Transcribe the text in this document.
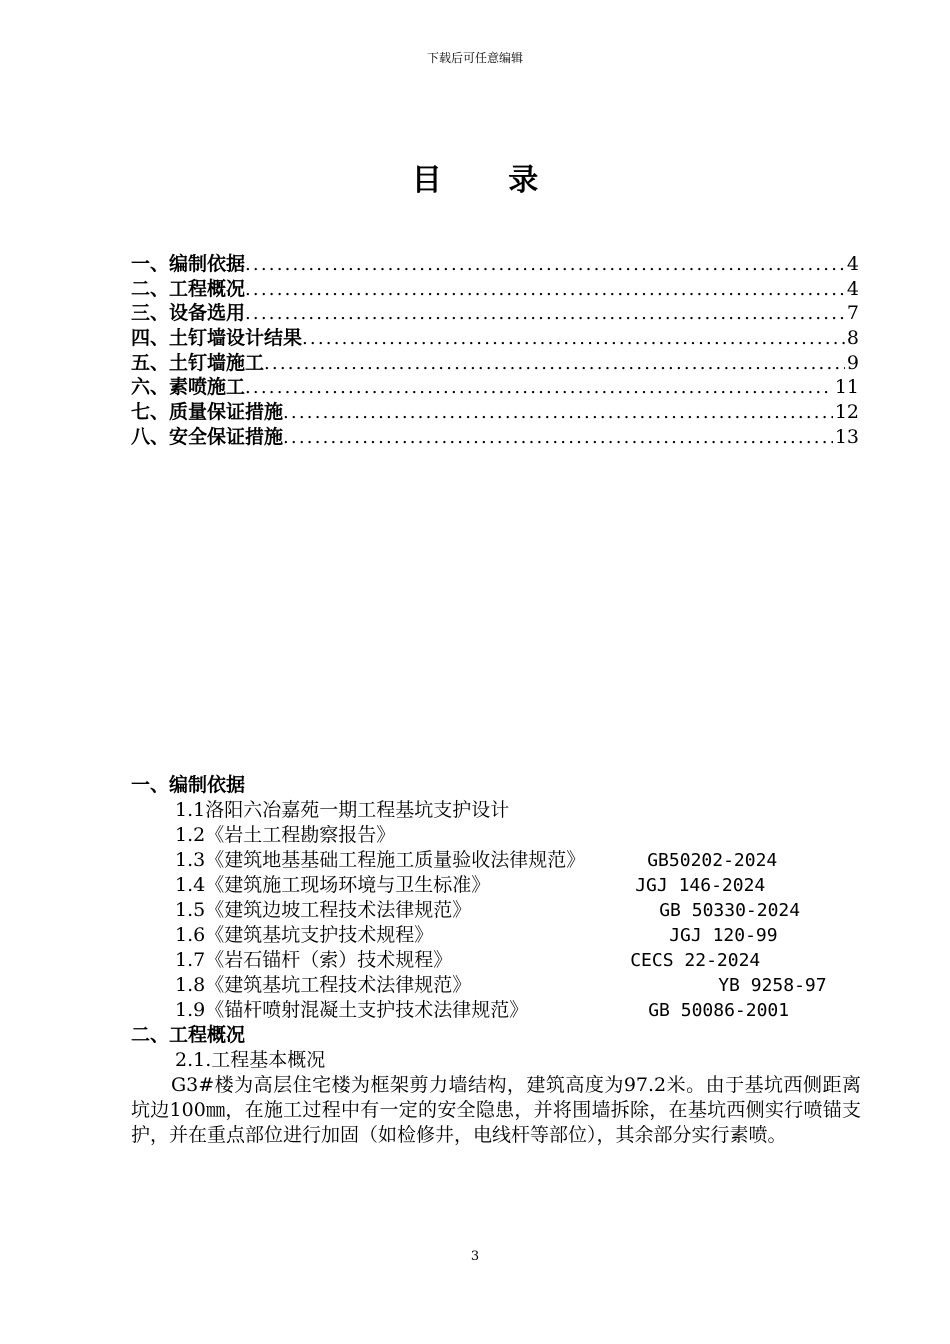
下载后可任意编辑
目 录
一、编制依据 .....	4
二、工程概况 .....	4
三、设备选用 .....	7
四、土钉墙设计结果 .....	8
五、土钉墙施工 .....	9
六、素喷施工 .....	11
七、质量保证措施 .....	12
八、安全保证措施 .....	13
一、编制依据
1.1洛阳六冶嘉苑一期工程基坑支护设计
1.2《岩土工程勘察报告》
1.3《建筑地基基础工程施工质量验收法律规范》	GB50202-2024
1.4《建筑施工现场环境与卫生标准》	JGJ 146-2024
1.5《建筑边坡工程技术法律规范》	GB 50330-2024
1.6《建筑基坑支护技术规程》	JGJ 120-99
1.7《岩石锚杆（索）技术规程》	CECS 22-2024
1.8《建筑基坑工程技术法律规范》	YB 9258-97
1.9《锚杆喷射混凝土支护技术法律规范》	GB 50086-2001
二、工程概况
2.1.工程基本概况

G3#楼为高层住宅楼为框架剪力墙结构，建筑高度为97.2米。由于基坑西侧距离坑边100㎜，在施工过程中有一定的安全隐患，并将围墙拆除，在基坑西侧实行喷锚支护，并在重点部位进行加固（如检修井，电线杆等部位），其余部分实行素喷。

3
